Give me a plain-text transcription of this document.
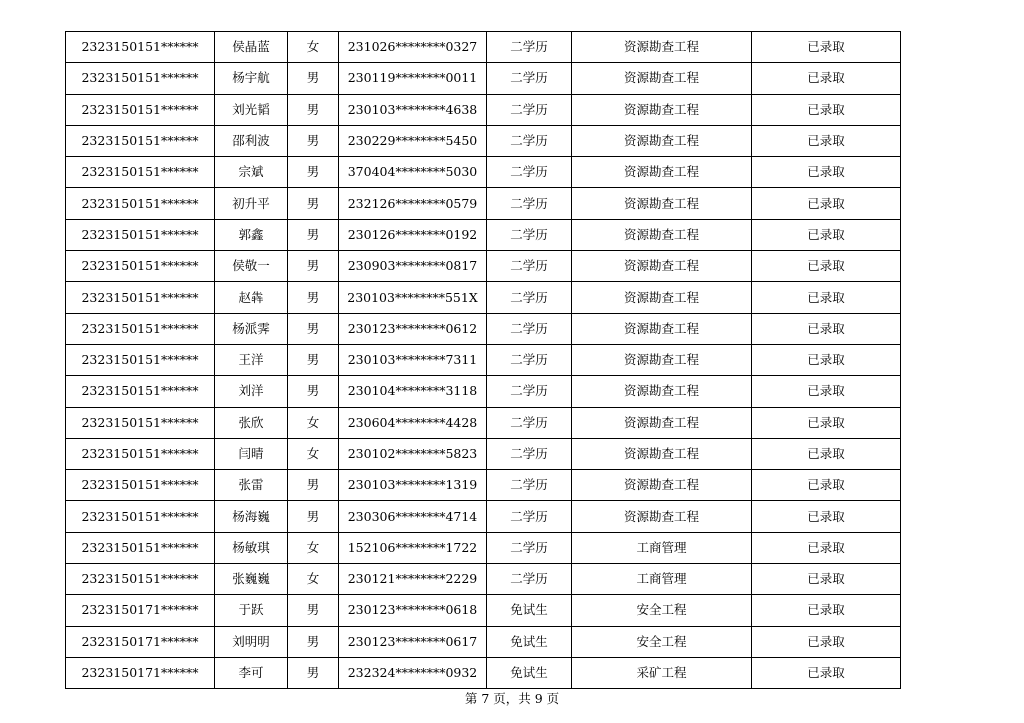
2323150151******	侯晶蓝	女	231026********0327	二学历	资源勘查工程	已录取
2323150151******	杨宇航	男	230119********0011	二学历	资源勘查工程	已录取
2323150151******	刘光韬	男	230103********4638	二学历	资源勘查工程	已录取
2323150151******	邵利波	男	230229********5450	二学历	资源勘查工程	已录取
2323150151******	宗斌	男	370404********5030	二学历	资源勘查工程	已录取
2323150151******	初升平	男	232126********0579	二学历	资源勘查工程	已录取
2323150151******	郭鑫	男	230126********0192	二学历	资源勘查工程	已录取
2323150151******	侯敬一	男	230903********0817	二学历	资源勘查工程	已录取
2323150151******	赵犇	男	230103********551X	二学历	资源勘查工程	已录取
2323150151******	杨派霁	男	230123********0612	二学历	资源勘查工程	已录取
2323150151******	王洋	男	230103********7311	二学历	资源勘查工程	已录取
2323150151******	刘洋	男	230104********3118	二学历	资源勘查工程	已录取
2323150151******	张欣	女	230604********4428	二学历	资源勘查工程	已录取
2323150151******	闫晴	女	230102********5823	二学历	资源勘查工程	已录取
2323150151******	张雷	男	230103********1319	二学历	资源勘查工程	已录取
2323150151******	杨海巍	男	230306********4714	二学历	资源勘查工程	已录取
2323150151******	杨敏琪	女	152106********1722	二学历	工商管理	已录取
2323150151******	张巍巍	女	230121********2229	二学历	工商管理	已录取
2323150171******	于跃	男	230123********0618	免试生	安全工程	已录取
2323150171******	刘明明	男	230123********0617	免试生	安全工程	已录取
2323150171******	李可	男	232324********0932	免试生	采矿工程	已录取
第 7 页，共 9 页
